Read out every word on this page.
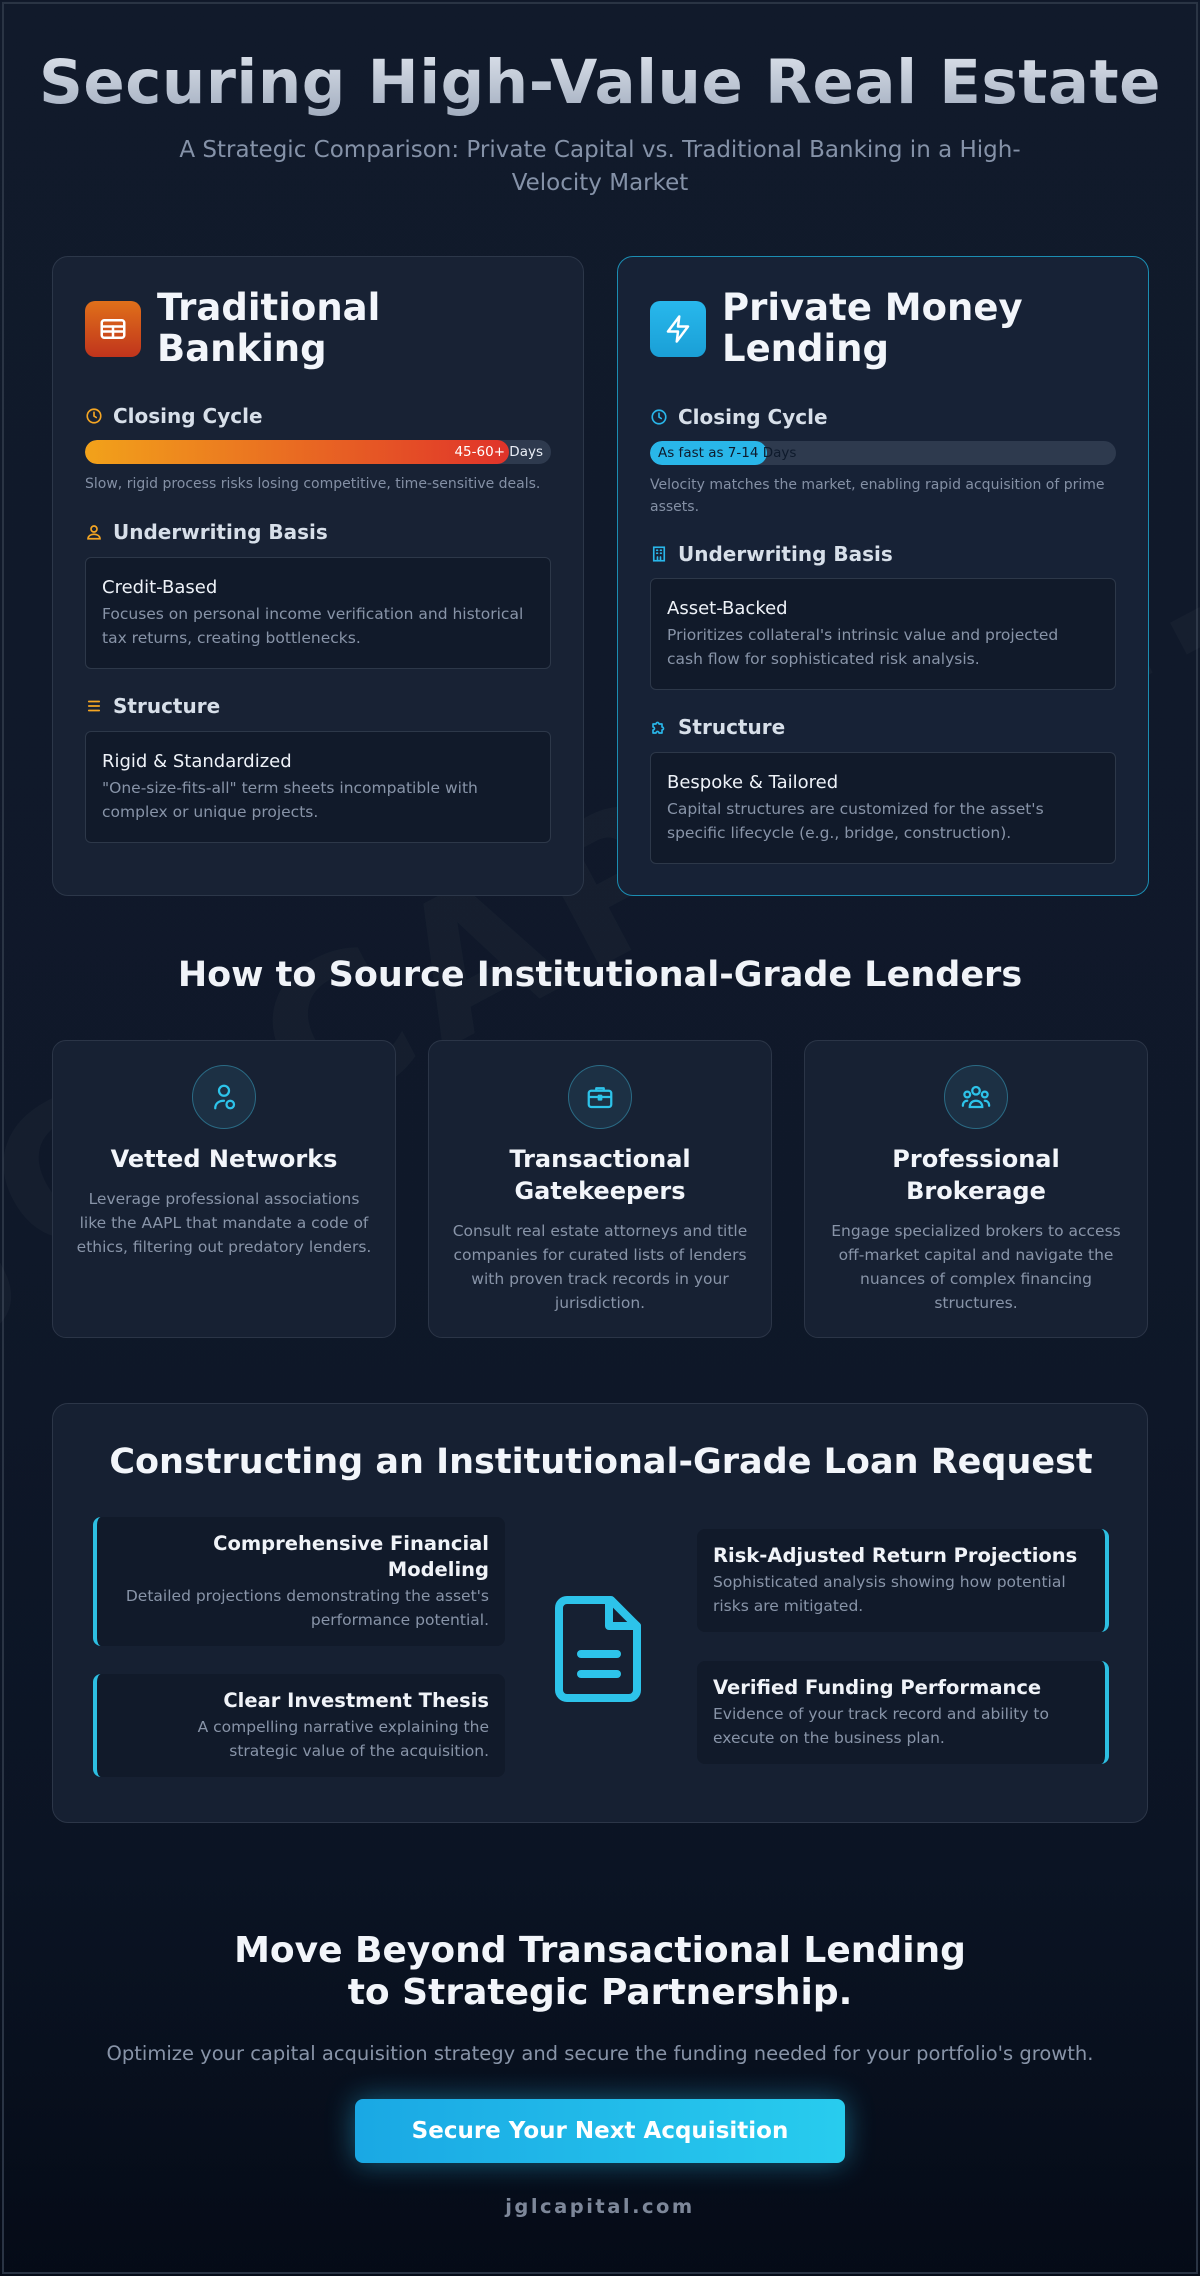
Securing High-Value Real Estate

A Strategic Comparison: Private Capital vs. Traditional Banking in a High-Velocity Market

Traditional Banking
Closing Cycle
45-60+ Days
Slow, rigid process risks losing competitive, time-sensitive deals.
Underwriting Basis
Credit-Based
Focuses on personal income verification and historical tax returns, creating bottlenecks.
Structure
Rigid & Standardized
"One-size-fits-all" term sheets incompatible with complex or unique projects.
Private Money Lending
Closing Cycle
As fast as 7-14 Days
Velocity matches the market, enabling rapid acquisition of prime assets.
Underwriting Basis
Asset-Backed
Prioritizes collateral's intrinsic value and projected cash flow for sophisticated risk analysis.
Structure
Bespoke & Tailored
Capital structures are customized for the asset's specific lifecycle (e.g., bridge, construction).
How to Source Institutional-Grade Lenders
Vetted Networks
Leverage professional associations like the AAPL that mandate a code of ethics, filtering out predatory lenders.
Transactional Gatekeepers
Consult real estate attorneys and title companies for curated lists of lenders with proven track records in your jurisdiction.
Professional Brokerage
Engage specialized brokers to access off-market capital and navigate the nuances of complex financing structures.
Constructing an Institutional-Grade Loan Request
Comprehensive Financial Modeling
Detailed projections demonstrating the asset's performance potential.
Clear Investment Thesis
A compelling narrative explaining the strategic value of the acquisition.
Risk-Adjusted Return Projections
Sophisticated analysis showing how potential risks are mitigated.
Verified Funding Performance
Evidence of your track record and ability to execute on the business plan.
Move Beyond Transactional Lending
to Strategic Partnership.
Optimize your capital acquisition strategy and secure the funding needed for your portfolio's growth.
Secure Your Next Acquisition
jglcapital.com
